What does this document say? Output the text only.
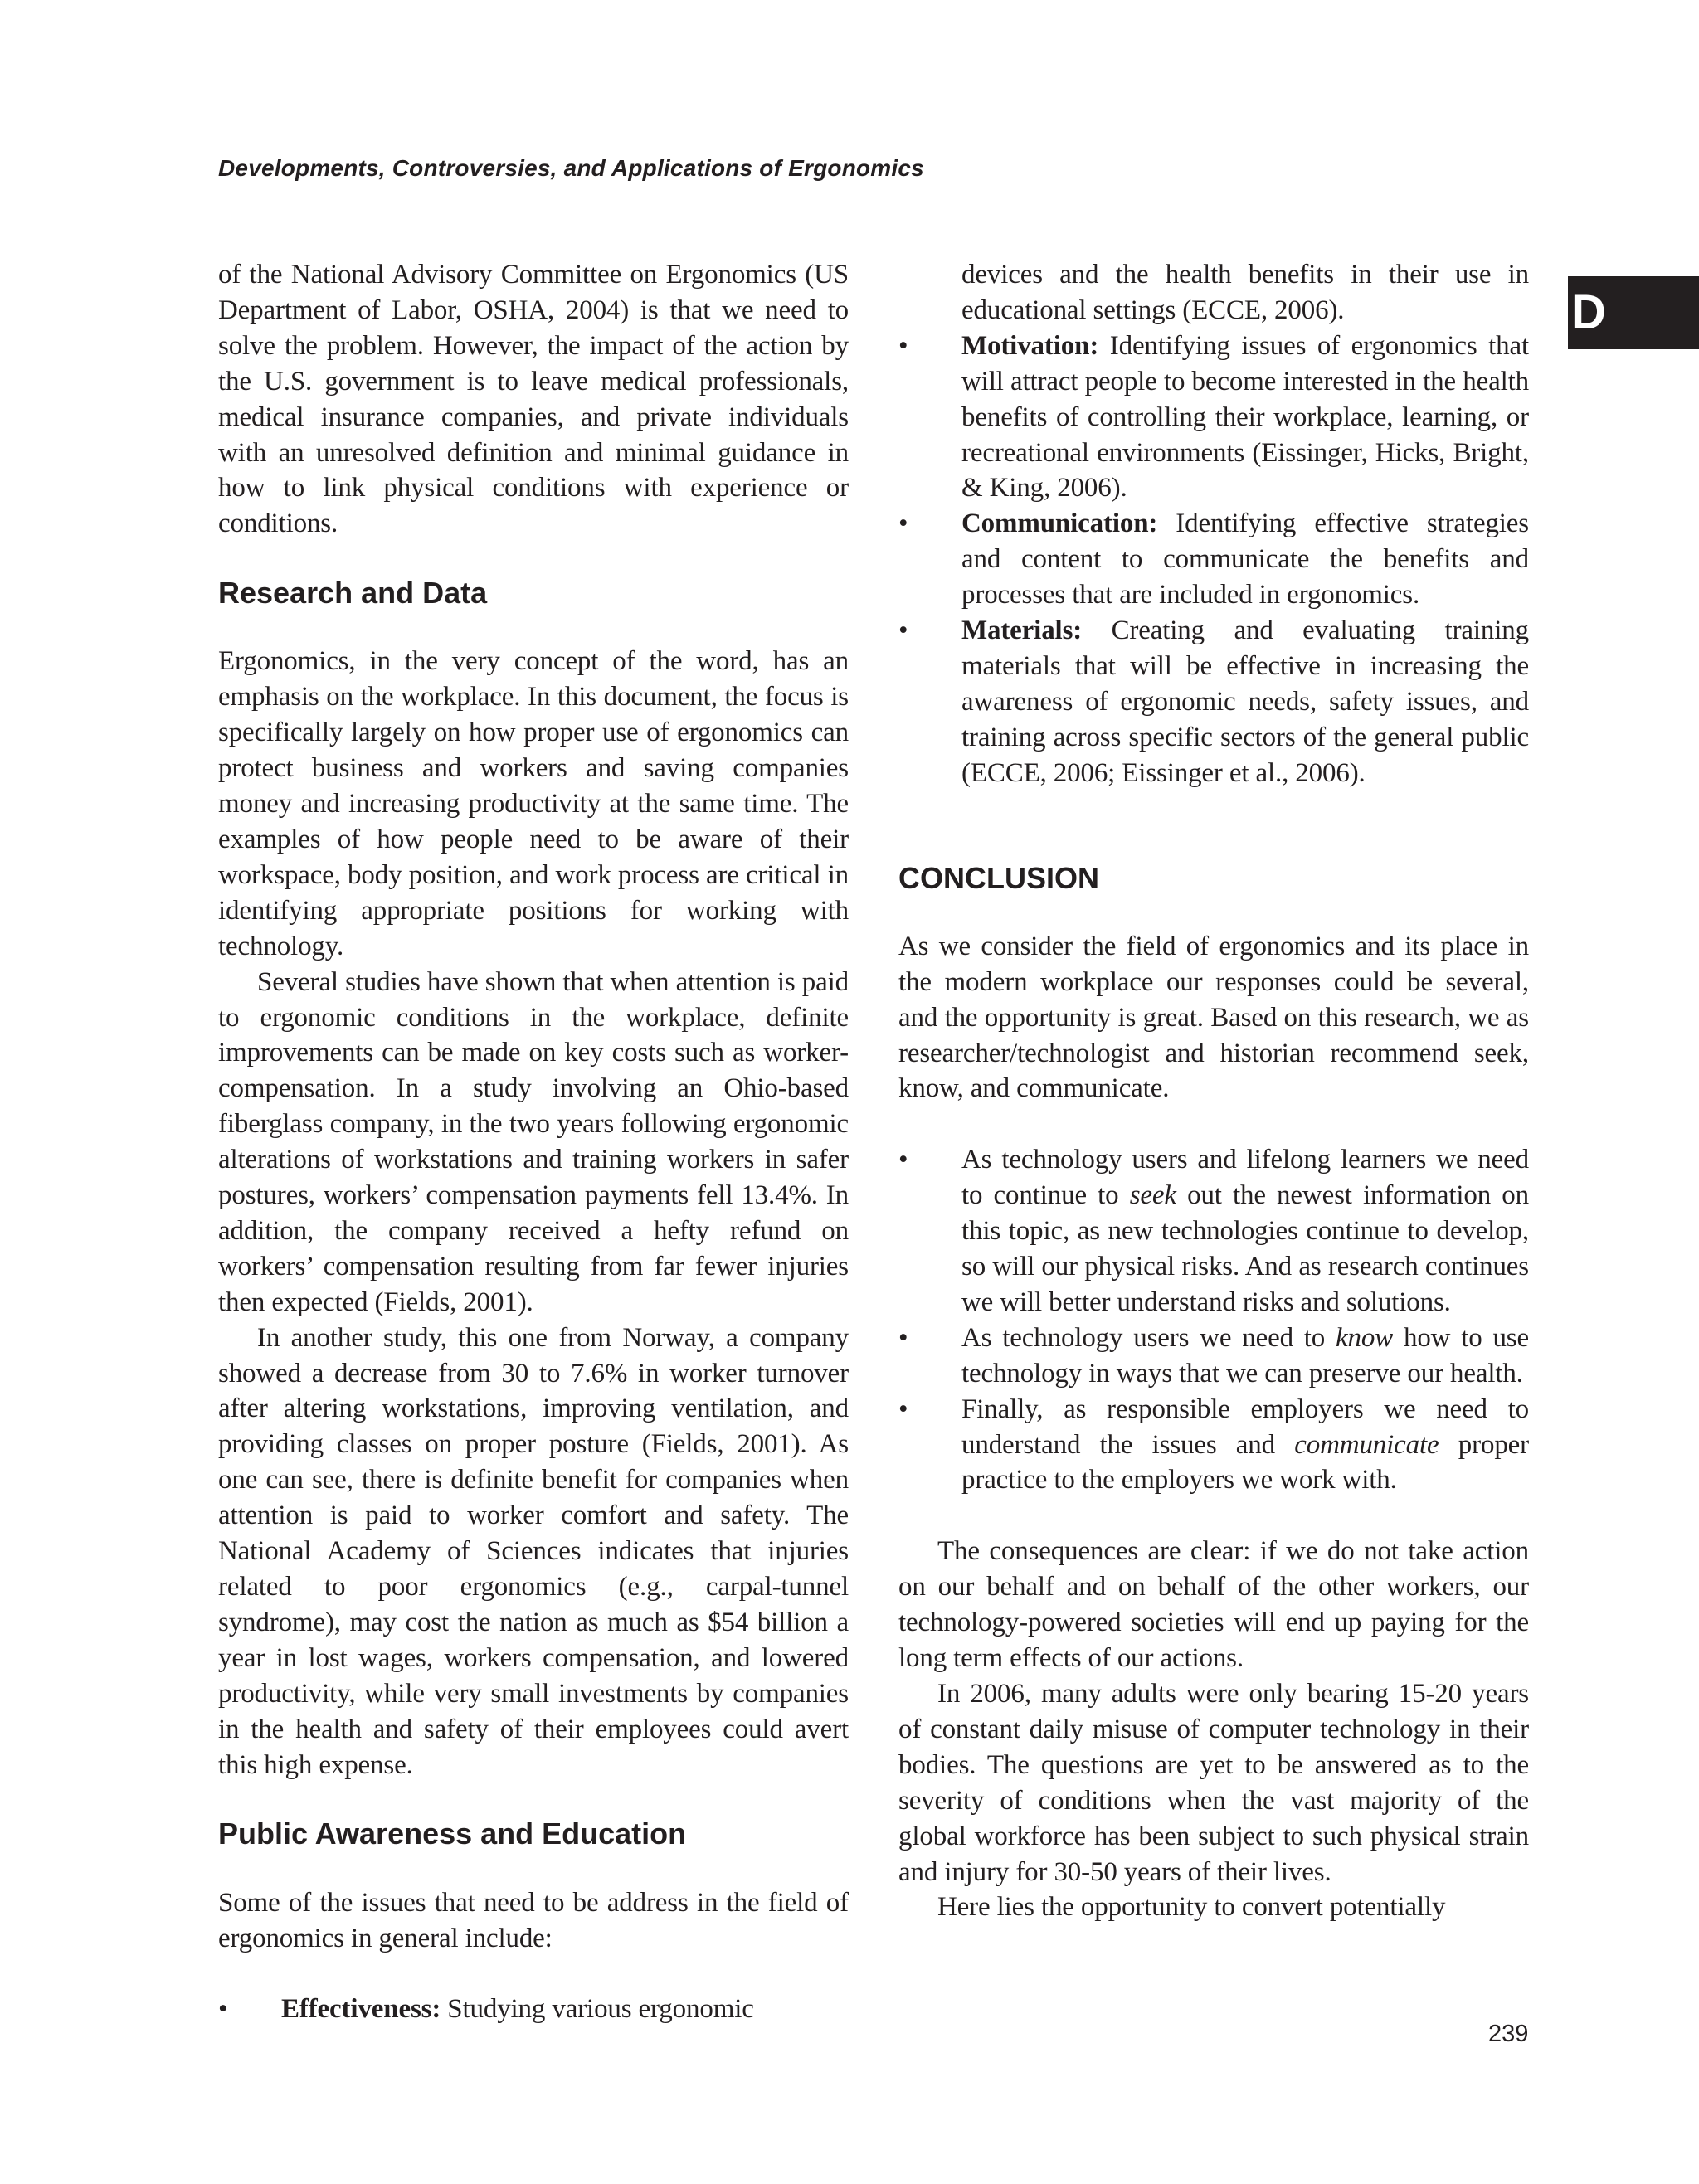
Developments, Controversies, and Applications of Ergonomics
D

of the National Advisory Committee on Ergonomics (US Department of Labor, OSHA, 2004) is that we need to solve the problem. However, the impact of the action by the U.S. government is to leave medical professionals, medical insurance companies, and private individuals with an unresolved definition and minimal guidance in how to link physical conditions with experience or conditions.

Research and Data

Ergonomics, in the very concept of the word, has an emphasis on the workplace. In this document, the focus is specifically largely on how proper use of ergonomics can protect business and workers and saving companies money and increasing productivity at the same time. The examples of how people need to be aware of their workspace, body position, and work process are critical in identifying appropriate positions for working with technology.

Several studies have shown that when attention is paid to ergonomic conditions in the workplace, definite improvements can be made on key costs such as worker-compensation. In a study involving an Ohio-based fiberglass company, in the two years following ergonomic alterations of workstations and training workers in safer postures, workers’ compensation payments fell 13.4%. In addition, the company received a hefty refund on workers’ compensation resulting from far fewer injuries then expected (Fields, 2001).

In another study, this one from Norway, a company showed a decrease from 30 to 7.6% in worker turnover after altering workstations, improving ventilation, and providing classes on proper posture (Fields, 2001). As one can see, there is definite benefit for companies when attention is paid to worker comfort and safety. The National Academy of Sciences indicates that injuries related to poor ergonomics (e.g., carpal-tunnel syndrome), may cost the nation as much as $54 billion a year in lost wages, workers compensation, and lowered productivity, while very small investments by companies in the health and safety of their employees could avert this high expense.

Public Awareness and Education

Some of the issues that need to be address in the field of ergonomics in general include:

• Effectiveness: Studying various ergonomic
devices and the health benefits in their use in educational settings (ECCE, 2006).
• Motivation: Identifying issues of ergonomics that will attract people to become interested in the health benefits of controlling their workplace, learning, or recreational environments (Eissinger, Hicks, Bright, & King, 2006).
• Communication: Identifying effective strategies and content to communicate the benefits and processes that are included in ergonomics.
• Materials: Creating and evaluating training materials that will be effective in increasing the awareness of ergonomic needs, safety issues, and training across specific sectors of the general public (ECCE, 2006; Eissinger et al., 2006).
CONCLUSION

As we consider the field of ergonomics and its place in the modern workplace our responses could be several, and the opportunity is great. Based on this research, we as researcher/technologist and historian recommend seek, know, and communicate.

• As technology users and lifelong learners we need to continue to seek out the newest information on this topic, as new technologies continue to develop, so will our physical risks. And as research continues we will better understand risks and solutions.
• As technology users we need to know how to use technology in ways that we can preserve our health.
• Finally, as responsible employers we need to understand the issues and communicate proper practice to the employers we work with.

The consequences are clear: if we do not take action on our behalf and on behalf of the other workers, our technology-powered societies will end up paying for the long term effects of our actions.

In 2006, many adults were only bearing 15-20 years of constant daily misuse of computer technology in their bodies. The questions are yet to be answered as to the severity of conditions when the vast majority of the global workforce has been subject to such physical strain and injury for 30-50 years of their lives.

Here lies the opportunity to convert potentially

239
